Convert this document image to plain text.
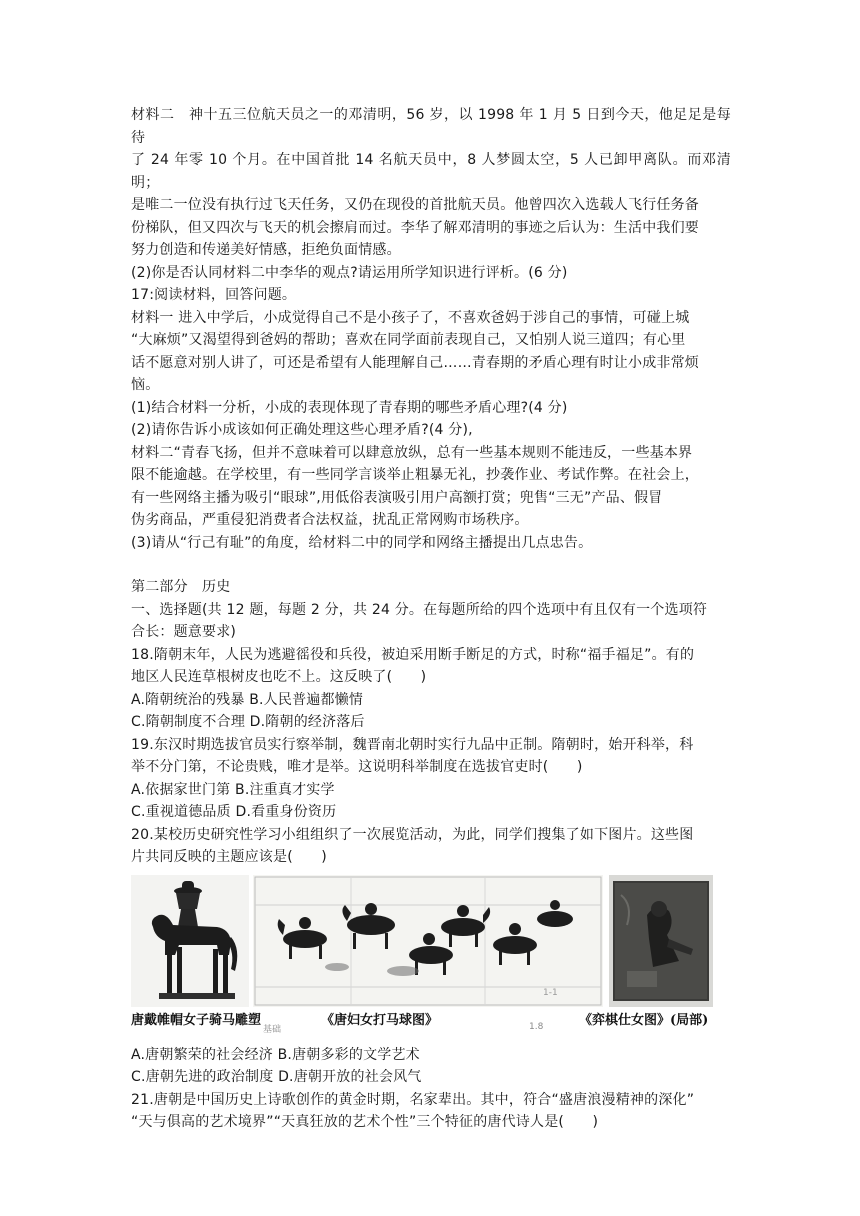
材料二　神十五三位航天员之一的邓清明，56 岁，以 1998 年 1 月 5 日到今天，他足足是每待

了 24 年零 10 个月。在中国首批 14 名航天员中，8 人梦圆太空，5 人已卸甲离队。而邓清明；

是唯二一位没有执行过飞天任务，又仍在现役的首批航天员。他曾四次入选载人飞行任务备

份梯队，但又四次与飞天的机会擦肩而过。李华了解邓清明的事迹之后认为：生活中我们要

努力创造和传递美好情感，拒绝负面情感。

(2)你是否认同材料二中李华的观点?请运用所学知识进行评析。(6 分)

17:阅读材料，回答问题。

材料一 进入中学后，小成觉得自己不是小孩子了，不喜欢爸妈于涉自己的事情，可碰上城

“大麻烦”又渴望得到爸妈的帮助；喜欢在同学面前表现自己，又怕别人说三道四；有心里

话不愿意对别人讲了，可还是希望有人能理解自己……青春期的矛盾心理有时让小成非常烦

恼。

(1)结合材料一分析，小成的表现体现了青春期的哪些矛盾心理?(4 分)

(2)请你告诉小成该如何正确处理这些心理矛盾?(4 分),

材料二“青春飞扬，但并不意味着可以肆意放纵，总有一些基本规则不能违反，一些基本界

限不能逾越。在学校里，有一些同学言谈举止粗暴无礼，抄袭作业、考试作弊。在社会上，

有一些网络主播为吸引“眼球”,用低俗表演吸引用户高额打赏；兜售“三无”产品、假冒

伪劣商品，严重侵犯消费者合法权益，扰乱正常网购市场秩序。

(3)请从“行己有耻”的角度，给材料二中的同学和网络主播提出几点忠告。

第二部分　历史

一、选择题(共 12 题，每题 2 分，共 24 分。在每题所给的四个选项中有且仅有一个选项符

合长：题意要求)

18.隋朝末年，人民为逃避徭役和兵役，被迫采用断手断足的方式，时称“福手福足”。有的

地区人民连草根树皮也吃不上。这反映了(　　)

A.隋朝统治的残暴 B.人民普遍都懒情

C.隋朝制度不合理 D.隋朝的经济落后

19.东汉时期选拔官员实行察举制，魏晋南北朝时实行九品中正制。隋朝时，始开科举，科

举不分门第，不论贵贱，唯才是举。这说明科举制度在选拔官吏时(　　)

A.依据家世门第 B.注重真才实学

C.重视道德品质 D.看重身份资历

20.某校历史研究性学习小组组织了一次展览活动，为此，同学们搜集了如下图片。这些图

片共同反映的主题应该是(　　)

1-1
唐戴帷帽女子骑马雕塑	《唐妇女打马球图》	《弈棋仕女图》(局部)
基础	1.8

A.唐朝繁荣的社会经济 B.唐朝多彩的文学艺术

C.唐朝先进的政治制度 D.唐朝开放的社会风气

21.唐朝是中国历史上诗歌创作的黄金时期，名家辈出。其中，符合“盛唐浪漫精神的深化”

“天与俱高的艺术境界”“天真狂放的艺术个性”三个特征的唐代诗人是(　　)
